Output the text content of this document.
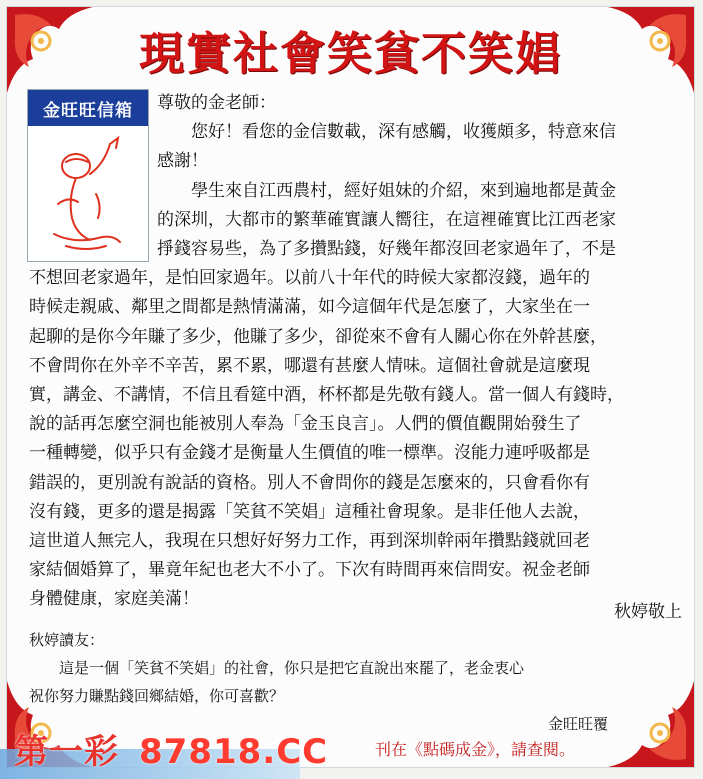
現實社會笑貧不笑娼
金旺旺信箱	尊敬的金老師：

　　您好！看您的金信數載，深有感觸，收獲頗多，特意來信

感謝！

　　學生來自江西農村，經好姐妹的介紹，來到遍地都是黃金

的深圳，大都市的繁華確實讓人嚮往，在這裡確實比江西老家

掙錢容易些，為了多攢點錢，好幾年都沒回老家過年了，不是

不想回老家過年，是怕回家過年。以前八十年代的時候大家都沒錢，過年的

時候走親戚、鄰里之間都是熱情滿滿，如今這個年代是怎麼了，大家坐在一

起聊的是你今年賺了多少，他賺了多少，卻從來不會有人關心你在外幹甚麼，

不會問你在外辛不辛苦，累不累，哪還有甚麼人情味。這個社會就是這麼現

實，講金、不講情，不信且看筵中酒，杯杯都是先敬有錢人。當一個人有錢時，

說的話再怎麼空洞也能被別人奉為「金玉良言」。人們的價值觀開始發生了

一種轉變，似乎只有金錢才是衡量人生價值的唯一標準。沒能力連呼吸都是

錯誤的，更別說有說話的資格。別人不會問你的錢是怎麼來的，只會看你有

沒有錢，更多的還是揭露「笑貧不笑娼」這種社會現象。是非任他人去說，

這世道人無完人，我現在只想好好努力工作，再到深圳幹兩年攢點錢就回老

家結個婚算了，畢竟年紀也老大不小了。下次有時間再來信問安。祝金老師

身體健康，家庭美滿！

秋婷敬上
秋婷讀友：
　　這是一個「笑貧不笑娼」的社會，你只是把它直說出來罷了，老金衷心
祝你努力賺點錢回鄉結婚，你可喜歡？
金旺旺覆
刊在《點碼成金》，請查閱。
第一彩 87818.CC
